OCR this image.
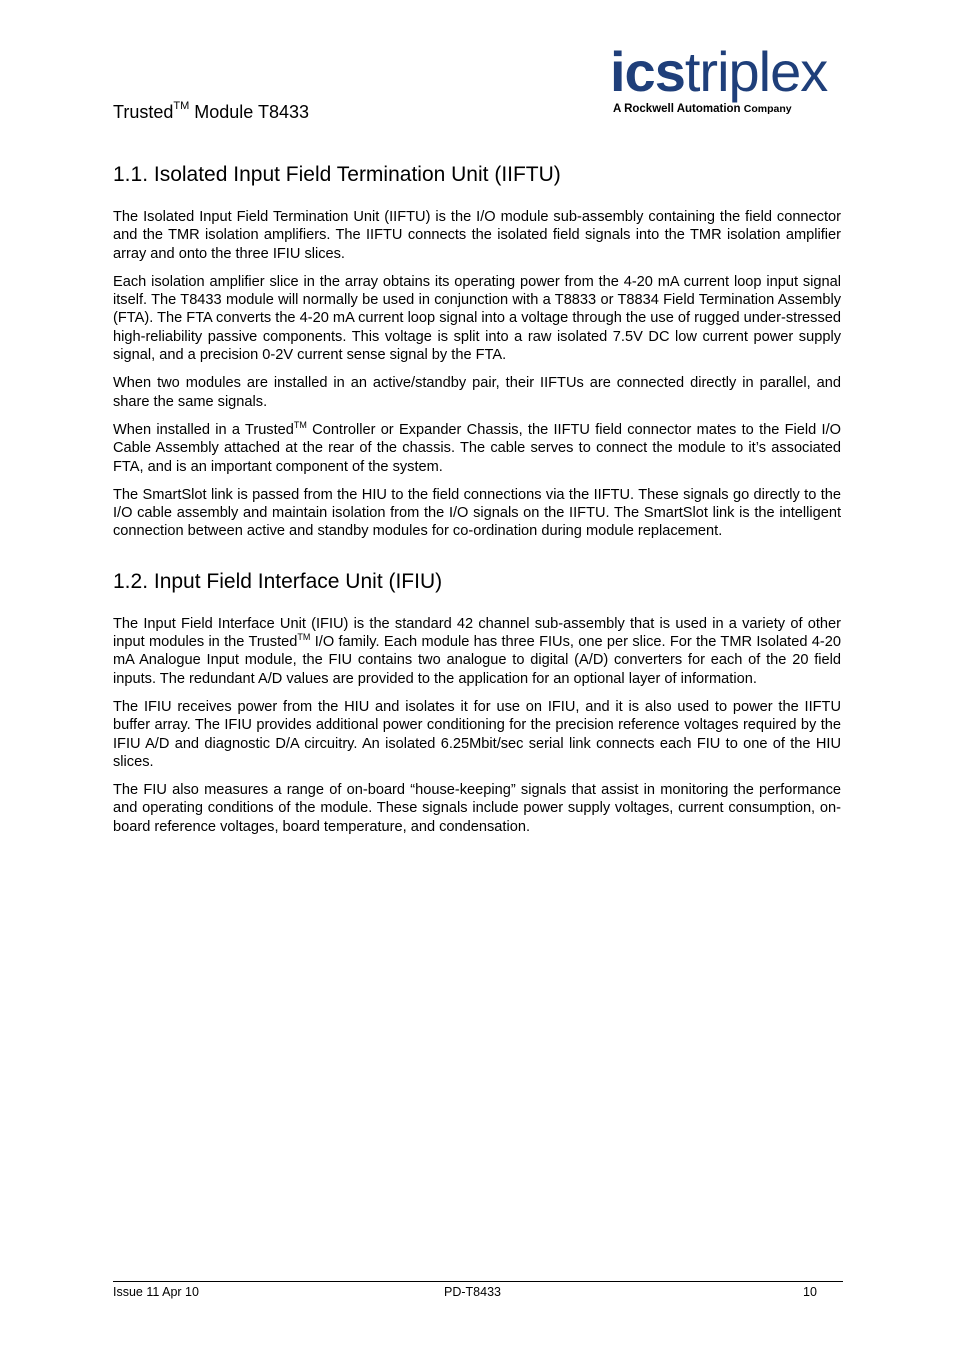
Trusted™ Module T8433
icstriplex
A Rockwell Automation Company
1.1. Isolated Input Field Termination Unit (IIFTU)

The Isolated Input Field Termination Unit (IIFTU) is the I/O module sub-assembly containing the field connector and the TMR isolation amplifiers. The IIFTU connects the isolated field signals into the TMR isolation amplifier array and onto the three IFIU slices.

Each isolation amplifier slice in the array obtains its operating power from the 4-20 mA current loop input signal itself. The T8433 module will normally be used in conjunction with a T8833 or T8834 Field Termination Assembly (FTA). The FTA converts the 4-20 mA current loop signal into a voltage through the use of rugged under-stressed high-reliability passive components. This voltage is split into a raw isolated 7.5V DC low current power supply signal, and a precision 0-2V current sense signal by the FTA.

When two modules are installed in an active/standby pair, their IIFTUs are connected directly in parallel, and share the same signals.

When installed in a Trusted™ Controller or Expander Chassis, the IIFTU field connector mates to the Field I/O Cable Assembly attached at the rear of the chassis. The cable serves to connect the module to it’s associated FTA, and is an important component of the system.

The SmartSlot link is passed from the HIU to the field connections via the IIFTU. These signals go directly to the I/O cable assembly and maintain isolation from the I/O signals on the IIFTU. The SmartSlot link is the intelligent connection between active and standby modules for co-ordination during module replacement.

1.2. Input Field Interface Unit (IFIU)

The Input Field Interface Unit (IFIU) is the standard 42 channel sub-assembly that is used in a variety of other input modules in the Trusted™ I/O family. Each module has three FIUs, one per slice. For the TMR Isolated 4-20 mA Analogue Input module, the FIU contains two analogue to digital (A/D) converters for each of the 20 field inputs. The redundant A/D values are provided to the application for an optional layer of information.

The IFIU receives power from the HIU and isolates it for use on IFIU, and it is also used to power the IIFTU buffer array. The IFIU provides additional power conditioning for the precision reference voltages required by the IFIU A/D and diagnostic D/A circuitry. An isolated 6.25Mbit/sec serial link connects each FIU to one of the HIU slices.

The FIU also measures a range of on-board “house-keeping” signals that assist in monitoring the performance and operating conditions of the module. These signals include power supply voltages, current consumption, on-board reference voltages, board temperature, and condensation.

Issue 11 Apr 10	PD-T8433	10
